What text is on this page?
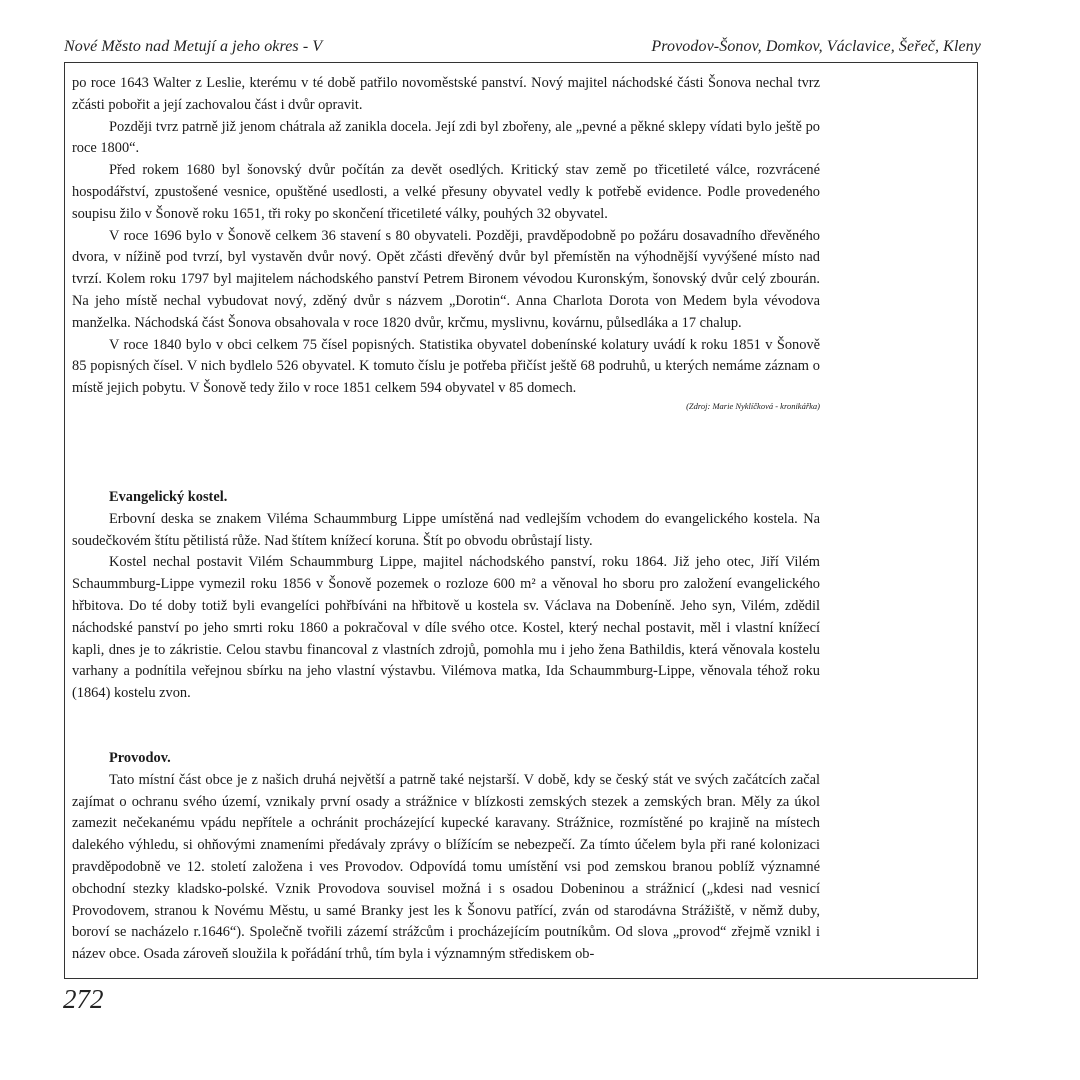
Nové Město nad Metují a jeho okres - V	Provodov-Šonov, Domkov, Václavice, Šeřeč, Kleny

po roce 1643 Walter z Leslie, kterému v té době patřilo novoměstské panství. Nový majitel náchodské části Šonova nechal tvrz zčásti pobořit a její zachovalou část i dvůr opravit.

Později tvrz patrně již jenom chátrala až zanikla docela. Její zdi byl zbořeny, ale „pevné a pěkné sklepy vídati bylo ještě po roce 1800“.

Před rokem 1680 byl šonovský dvůr počítán za devět osedlých. Kritický stav země po třicetileté válce, rozvrácené hospodářství, zpustošené vesnice, opuštěné usedlosti, a velké přesuny obyvatel vedly k potřebě evidence. Podle provedeného soupisu žilo v Šonově roku 1651, tři roky po skončení třicetileté války, pouhých 32 obyvatel.

V roce 1696 bylo v Šonově celkem 36 stavení s 80 obyvateli. Později, pravděpodobně po požáru dosavadního dřevěného dvora, v nížině pod tvrzí, byl vystavěn dvůr nový. Opět zčásti dřevěný dvůr byl přemístěn na výhodnější vyvýšené místo nad tvrzí. Kolem roku 1797 byl majitelem náchodského panství Petrem Bironem vévodou Kuronským, šonovský dvůr celý zbourán. Na jeho místě nechal vybudovat nový, zděný dvůr s názvem „Dorotin“. Anna Charlota Dorota von Medem byla vévodova manželka. Náchodská část Šonova obsahovala v roce 1820 dvůr, krčmu, myslivnu, kovárnu, půlsedláka a 17 chalup.

V roce 1840 bylo v obci celkem 75 čísel popisných. Statistika obyvatel dobenínské kolatury uvádí k roku 1851 v Šonově 85 popisných čísel. V nich bydlelo 526 obyvatel. K tomuto číslu je potřeba přičíst ještě 68 podruhů, u kterých nemáme záznam o místě jejich pobytu. V Šonově tedy žilo v roce 1851 celkem 594 obyvatel v 85 domech.

(Zdroj: Marie Nyklíčková - kronikářka)

Evangelický kostel.

Erbovní deska se znakem Viléma Schaummburg Lippe umístěná nad vedlejším vchodem do evangelického kostela. Na soudečkovém štítu pětilistá růže. Nad štítem knížecí koruna. Štít po obvodu obrůstají listy.

Kostel nechal postavit Vilém Schaummburg Lippe, majitel náchodského panství, roku 1864. Již jeho otec, Jiří Vilém Schaummburg-Lippe vymezil roku 1856 v Šonově pozemek o rozloze 600 m² a věnoval ho sboru pro založení evangelického hřbitova. Do té doby totiž byli evangelíci pohřbíváni na hřbitově u kostela sv. Václava na Dobeníně. Jeho syn, Vilém, zdědil náchodské panství po jeho smrti roku 1860 a pokračoval v díle svého otce. Kostel, který nechal postavit, měl i vlastní knížecí kapli, dnes je to zákristie. Celou stavbu financoval z vlastních zdrojů, pomohla mu i jeho žena Bathildis, která věnovala kostelu varhany a podnítila veřejnou sbírku na jeho vlastní výstavbu. Vilémova matka, Ida Schaummburg-Lippe, věnovala téhož roku (1864) kostelu zvon.

Provodov.

Tato místní část obce je z našich druhá největší a patrně také nejstarší. V době, kdy se český stát ve svých začátcích začal zajímat o ochranu svého území, vznikaly první osady a strážnice v blízkosti zemských stezek a zemských bran. Měly za úkol zamezit nečekanému vpádu nepřítele a ochránit procházející kupecké karavany. Strážnice, rozmístěné po krajině na místech dalekého výhledu, si ohňovými znameními předávaly zprávy o blížícím se nebezpečí. Za tímto účelem byla při rané kolonizaci pravděpodobně ve 12. století založena i ves Provodov. Odpovídá tomu umístění vsi pod zemskou branou poblíž významné obchodní stezky kladsko-polské. Vznik Provodova souvisel možná i s osadou Dobeninou a strážnicí („kdesi nad vesnicí Provodovem, stranou k Novému Městu, u samé Branky jest les k Šonovu patřící, zván od starodávna Strážiště, v němž duby, boroví se nacházelo r.1646“). Společně tvořili zázemí strážcům i procházejícím poutníkům. Od slova „provod“ zřejmě vznikl i název obce. Osada zároveň sloužila k pořádání trhů, tím byla i významným střediskem ob-

272
